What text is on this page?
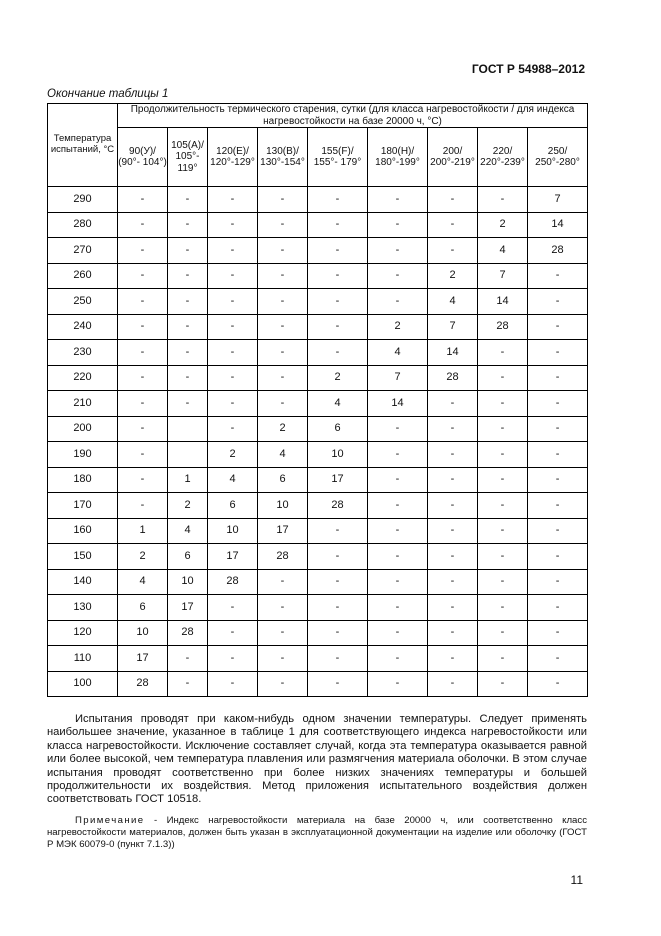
ГОСТ Р 54988–2012
Окончание таблицы 1
Температура испытаний, °С	Продолжительность термического старения, сутки (для класса нагревостойкости / для индекса нагревостойкости на базе 20000 ч, °С)								
	90(У)/ (90°- 104°)	105(А)/ 105°- 119°	120(Е)/ 120°-129°	130(В)/ 130°-154°	155(F)/ 155°- 179°	180(Н)/ 180°-199°	200/ 200°-219°	220/ 220°-239°	250/ 250°-280°
290	-	-	-	-	-	-	-	-	7
280	-	-	-	-	-	-	-	2	14
270	-	-	-	-	-	-	-	4	28
260	-	-	-	-	-	-	2	7	-
250	-	-	-	-	-	-	4	14	-
240	-	-	-	-	-	2	7	28	-
230	-	-	-	-	-	4	14	-	-
220	-	-	-	-	2	7	28	-	-
210	-	-	-	-	4	14	-	-	-
200	-		-	2	6	-	-	-	-
190	-		2	4	10	-	-	-	-
180	-	1	4	6	17	-	-	-	-
170	-	2	6	10	28	-	-	-	-
160	1	4	10	17	-	-	-	-	-
150	2	6	17	28	-	-	-	-	-
140	4	10	28	-	-	-	-	-	-
130	6	17	-	-	-	-	-	-	-
120	10	28	-	-	-	-	-	-	-
110	17	-	-	-	-	-	-	-	-
100	28	-	-	-	-	-	-	-	-

Испытания проводят при каком-нибудь одном значении температуры. Следует применять наибольшее значение, указанное в таблице 1 для соответствующего индекса нагревостойкости или класса нагревостойкости. Исключение составляет случай, когда эта температура оказывается равной или более высокой, чем температура плавления или размягчения материала оболочки. В этом случае испытания проводят соответственно при более низких значениях температуры и большей продолжительности их воздействия. Метод приложения испытательного воздействия должен соответствовать ГОСТ 10518.

Примечание - Индекс нагревостойкости материала на базе 20000 ч, или соответственно класс нагревостойкости материалов, должен быть указан в эксплуатационной документации на изделие или оболочку (ГОСТ Р МЭК 60079-0 (пункт 7.1.3))

11
